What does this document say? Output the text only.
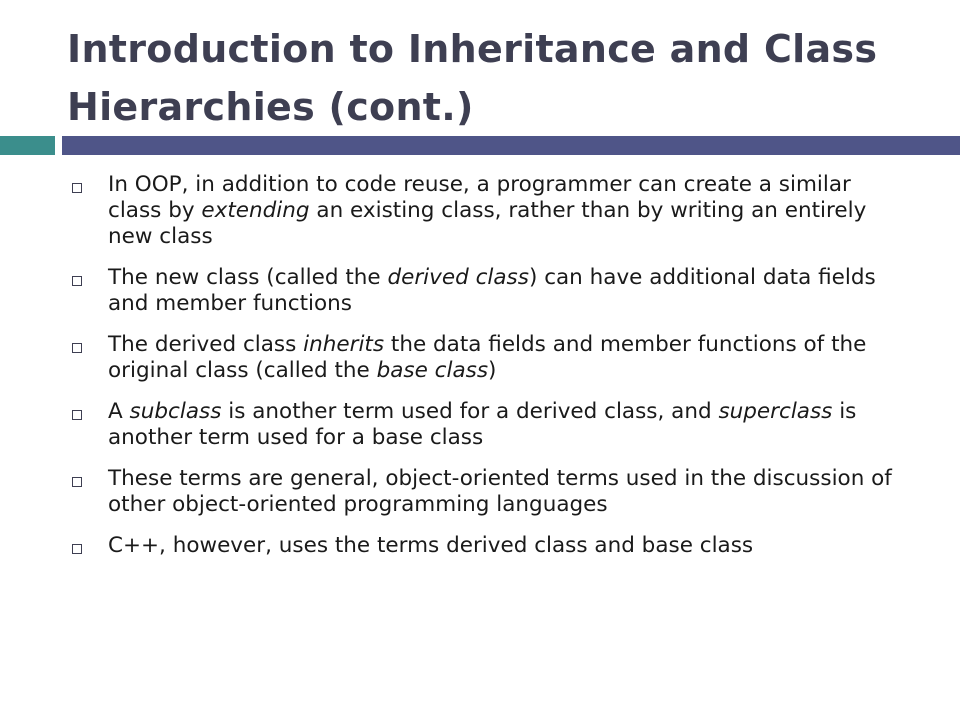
Introduction to Inheritance and Class Hierarchies (cont.)
In OOP, in addition to code reuse, a programmer can create a similar class by extending an existing class, rather than by writing an entirely new class
The new class (called the derived class) can have additional data fields and member functions
The derived class inherits the data fields and member functions of the original class (called the base class)
A subclass is another term used for a derived class, and superclass is another term used for a base class
These terms are general, object-oriented terms used in the discussion of other object-oriented programming languages
C++, however, uses the terms derived class and base class
